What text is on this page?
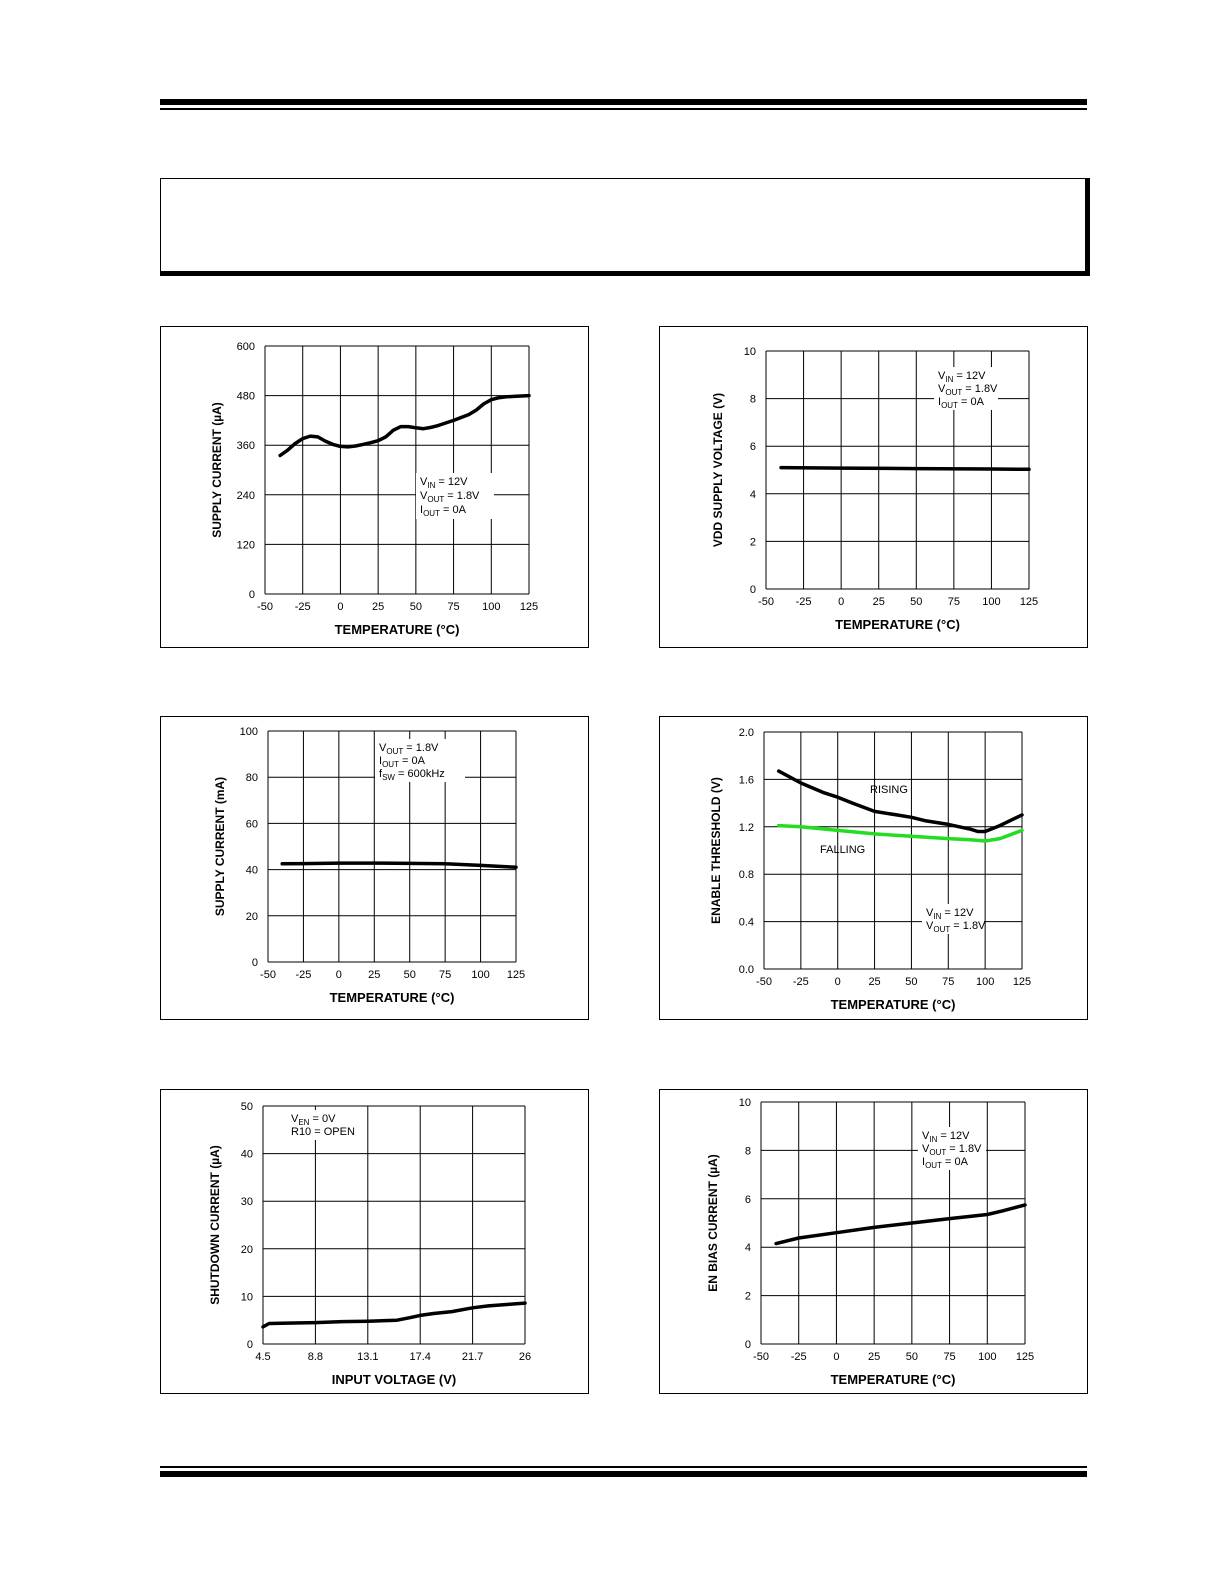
-50 -25 0	25 50 75 100 125
0
120
240
360
480
600
TEMPERATURE (°C)
SUPPLY CURRENT (µA)	$V_{IN} = 12V$
$V_{OUT} = 1.8V$
$I_{OUT} = 0A$
-50 -25 0	25 50 75 100 125
0
2
4
6
8
10
TEMPERATURE (°C)
VDD SUPPLY VOLTAGE (V)
$V_{IN} = 12V$
$V_{OUT} = 1.8V$
$I_{OUT} = 0A$
-50 -25 0 25 50 75 100 125
0
20
40
60
80
100
TEMPERATURE (°C)
SUPPLY CURRENT (mA)
$V_{OUT} = 1.8V$
$I_{OUT} = 0A$
$f_{SW} = 600kHz$
-50 -25 0	25 50 75 100 125
0.0
0.4
0.8
1.2
1.6
2.0
TEMPERATURE (°C)
ENABLE THRESHOLD (V)	$V_{IN} = 12V$
$V_{OUT} = 1.8V$
RISING
FALLING
4.5	8.8	13.1	17.4	21.7	26
0
10
20
30
40
50
INPUT VOLTAGE (V)
SHUTDOWN CURRENT (µA)
$V_{EN} = 0V$
R10 = OPEN
-50 -25 0	25 50 75 100 125
0
2
4
6
8
10
TEMPERATURE (°C)
EN BIAS CURRENT (µA)
$V_{IN} = 12V$
$V_{OUT} = 1.8V$
$I_{OUT} = 0A$
